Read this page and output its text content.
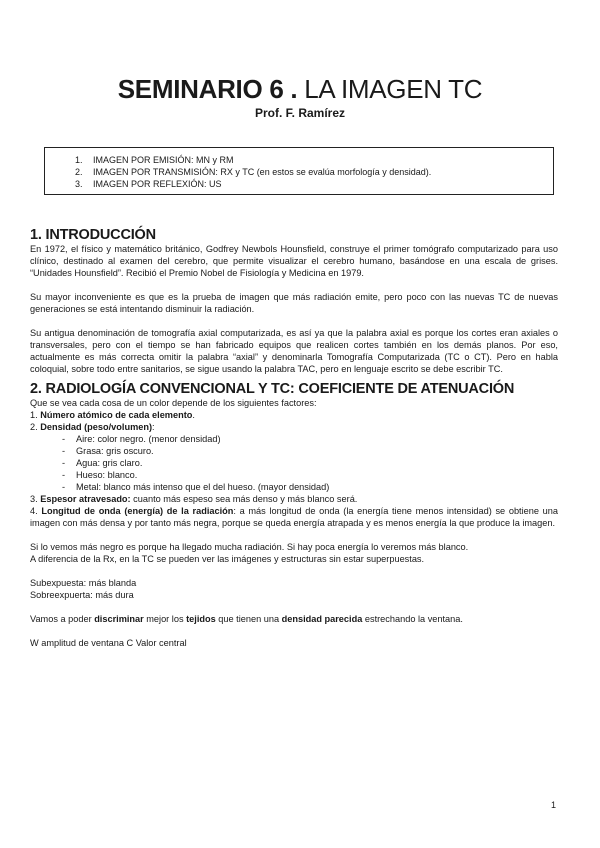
SEMINARIO 6 . LA IMAGEN TC
Prof. F. Ramírez
1. IMAGEN POR EMISIÓN: MN y RM
2. IMAGEN POR TRANSMISIÓN: RX y TC (en estos se evalúa morfología y densidad).
3. IMAGEN POR REFLEXIÓN: US
1. INTRODUCCIÓN

En 1972, el físico y matemático británico, Godfrey Newbols Hounsfield, construye el primer tomógrafo computarizado para uso clínico, destinado al examen del cerebro, que permite visualizar el cerebro humano, basándose en una escala de grises. “Unidades Hounsfield”. Recibió el Premio Nobel de Fisiología y Medicina en 1979.

Su mayor inconveniente es que es la prueba de imagen que más radiación emite, pero poco con las nuevas TC de nuevas generaciones se está intentando disminuir la radiación.

Su antigua denominación de tomografía axial computarizada, es así ya que la palabra axial es porque los cortes eran axiales o transversales, pero con el tiempo se han fabricado equipos que realicen cortes también en los demás planos. Por eso, actualmente es más correcta omitir la palabra “axial” y denominarla Tomografía Computarizada (TC o CT). Pero en habla coloquial, sobre todo entre sanitarios, se sigue usando la palabra TAC, pero en lenguaje escrito se debe escribir TC.

2. RADIOLOGÍA CONVENCIONAL Y TC: COEFICIENTE DE ATENUACIÓN

Que se vea cada cosa de un color depende de los siguientes factores:

1. Número atómico de cada elemento.

2. Densidad (peso/volumen):

- Aire: color negro. (menor densidad)
- Grasa: gris oscuro.
- Agua: gris claro.
- Hueso: blanco.
- Metal: blanco más intenso que el del hueso. (mayor densidad)

3. Espesor atravesado: cuanto más espeso sea más denso y más blanco será.

4. Longitud de onda (energía) de la radiación: a más longitud de onda (la energía tiene menos intensidad) se obtiene una imagen con más densa y por tanto más negra, porque se queda energía atrapada y es menos energía la que produce la imagen.

Si lo vemos más negro es porque ha llegado mucha radiación. Si hay poca energía lo veremos más blanco.

A diferencia de la Rx, en la TC se pueden ver las imágenes y estructuras sin estar superpuestas.

Subexpuesta: más blanda

Sobreexpuerta: más dura

Vamos a poder discriminar mejor los tejidos que tienen una densidad parecida estrechando la ventana.

W amplitud de ventana C Valor central

1
